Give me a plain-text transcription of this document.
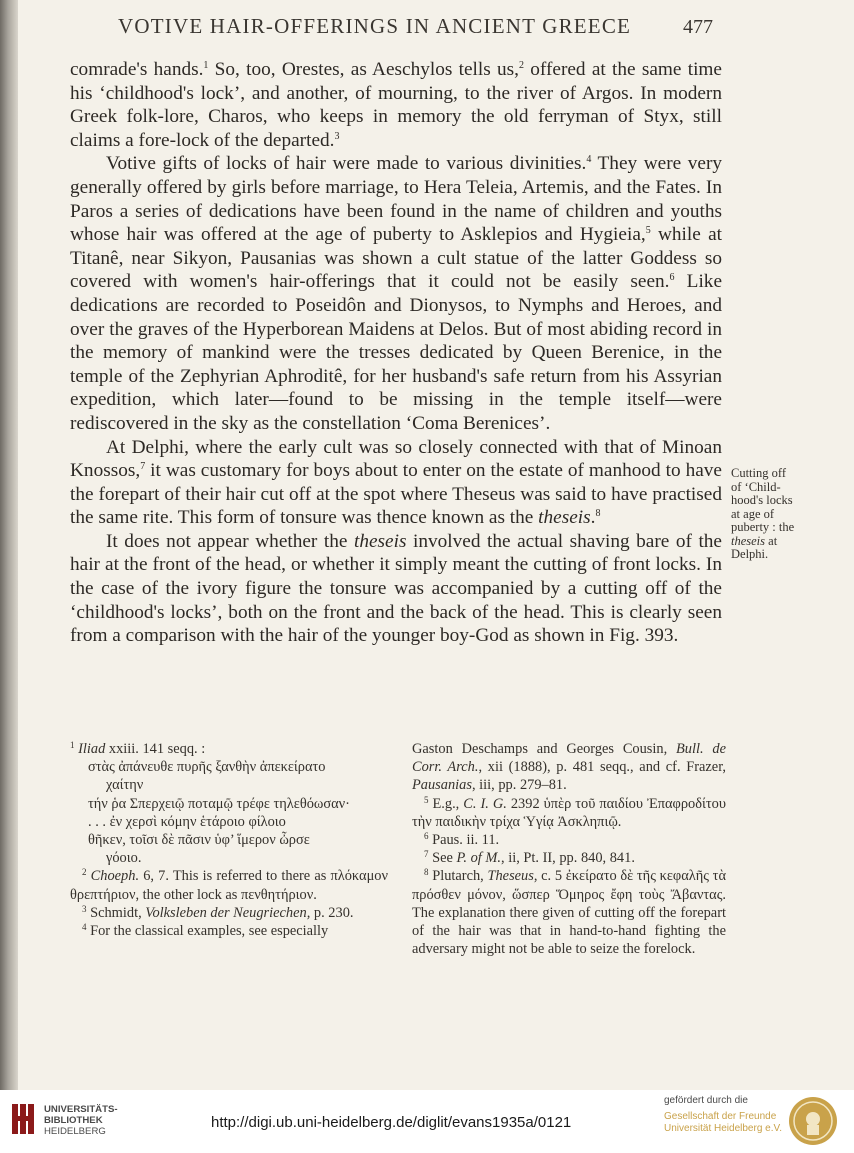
VOTIVE HAIR-OFFERINGS IN ANCIENT GREECE	477

comrade's hands.$^1$ So, too, Orestes, as Aeschylos tells us,$^2$ offered at the same time his ‘childhood's lock’, and another, of mourning, to the river of Argos. In modern Greek folk-lore, Charos, who keeps in memory the old ferryman of Styx, still claims a fore-lock of the departed.$^3$

Votive gifts of locks of hair were made to various divinities.$^4$ They were very generally offered by girls before marriage, to Hera Teleia, Artemis, and the Fates. In Paros a series of dedications have been found in the name of children and youths whose hair was offered at the age of puberty to Asklepios and Hygieia,$^5$ while at Titanê, near Sikyon, Pausanias was shown a cult statue of the latter Goddess so covered with women's hair-offerings that it could not be easily seen.$^6$ Like dedications are recorded to Poseidôn and Dionysos, to Nymphs and Heroes, and over the graves of the Hyperborean Maidens at Delos. But of most abiding record in the memory of mankind were the tresses dedicated by Queen Berenice, in the temple of the Zephyrian Aphroditê, for her husband's safe return from his Assyrian expedition, which later—found to be missing in the temple itself—were rediscovered in the sky as the constellation ‘Coma Berenices’.

At Delphi, where the early cult was so closely connected with that of Minoan Knossos,$^7$ it was customary for boys about to enter on the estate of manhood to have the forepart of their hair cut off at the spot where Theseus was said to have practised the same rite. This form of tonsure was thence known as the theseis.$^8$

It does not appear whether the theseis involved the actual shaving bare of the hair at the front of the head, or whether it simply meant the cutting of front locks. In the case of the ivory figure the tonsure was accompanied by a cutting off of the ‘childhood's locks’, both on the front and the back of the head. This is clearly seen from a comparison with the hair of the younger boy-God as shown in Fig. 393.

Cutting off of ‘Child-hood's locks at age of puberty : the theseis at Delphi.

$^1$ Iliad xxiii. 141 seqq. :

στὰς ἀπάνευθε πυρῆς ξανθὴν ἀπεκείρατο

χαίτην

τήν ῥα Σπερχειῷ ποταμῷ τρέφε τηλεθόωσαν·

. . . ἐν χερσὶ κόμην ἑτάροιο φίλοιο

θῆκεν, τοῖσι δὲ πᾶσιν ὑφ’ ἵμερον ὦρσε

γόοιο.

$^2$ Choeph. 6, 7. This is referred to there as πλόκαμον θρεπτήριον, the other lock as πενθητήριον.

$^3$ Schmidt, Volksleben der Neugriechen, p. 230.

$^4$ For the classical examples, see especially

Gaston Deschamps and Georges Cousin, Bull. de Corr. Arch., xii (1888), p. 481 seqq., and cf. Frazer, Pausanias, iii, pp. 279–81.

$^5$ E.g., C. I. G. 2392 ὑπὲρ τοῦ παιδίου Ἐπαφροδίτου τὴν παιδικὴν τρίχα Ὑγίᾳ Ἀσκληπιῷ.

$^6$ Paus. ii. 11.

$^7$ See P. of M., ii, Pt. II, pp. 840, 841.

$^8$ Plutarch, Theseus, c. 5 ἐκείρατο δὲ τῆς κεφαλῆς τὰ πρόσθεν μόνον, ὥσπερ Ὅμηρος ἔφη τοὺς Ἄβαντας. The explanation there given of cutting off the forepart of the hair was that in hand-to-hand fighting the adversary might not be able to seize the forelock.

UNIVERSITÄTS-
BIBLIOTHEK
HEIDELBERG
http://digi.ub.uni-heidelberg.de/diglit/evans1935a/0121
gefördert durch die
Gesellschaft der Freunde
Universität Heidelberg e.V.
